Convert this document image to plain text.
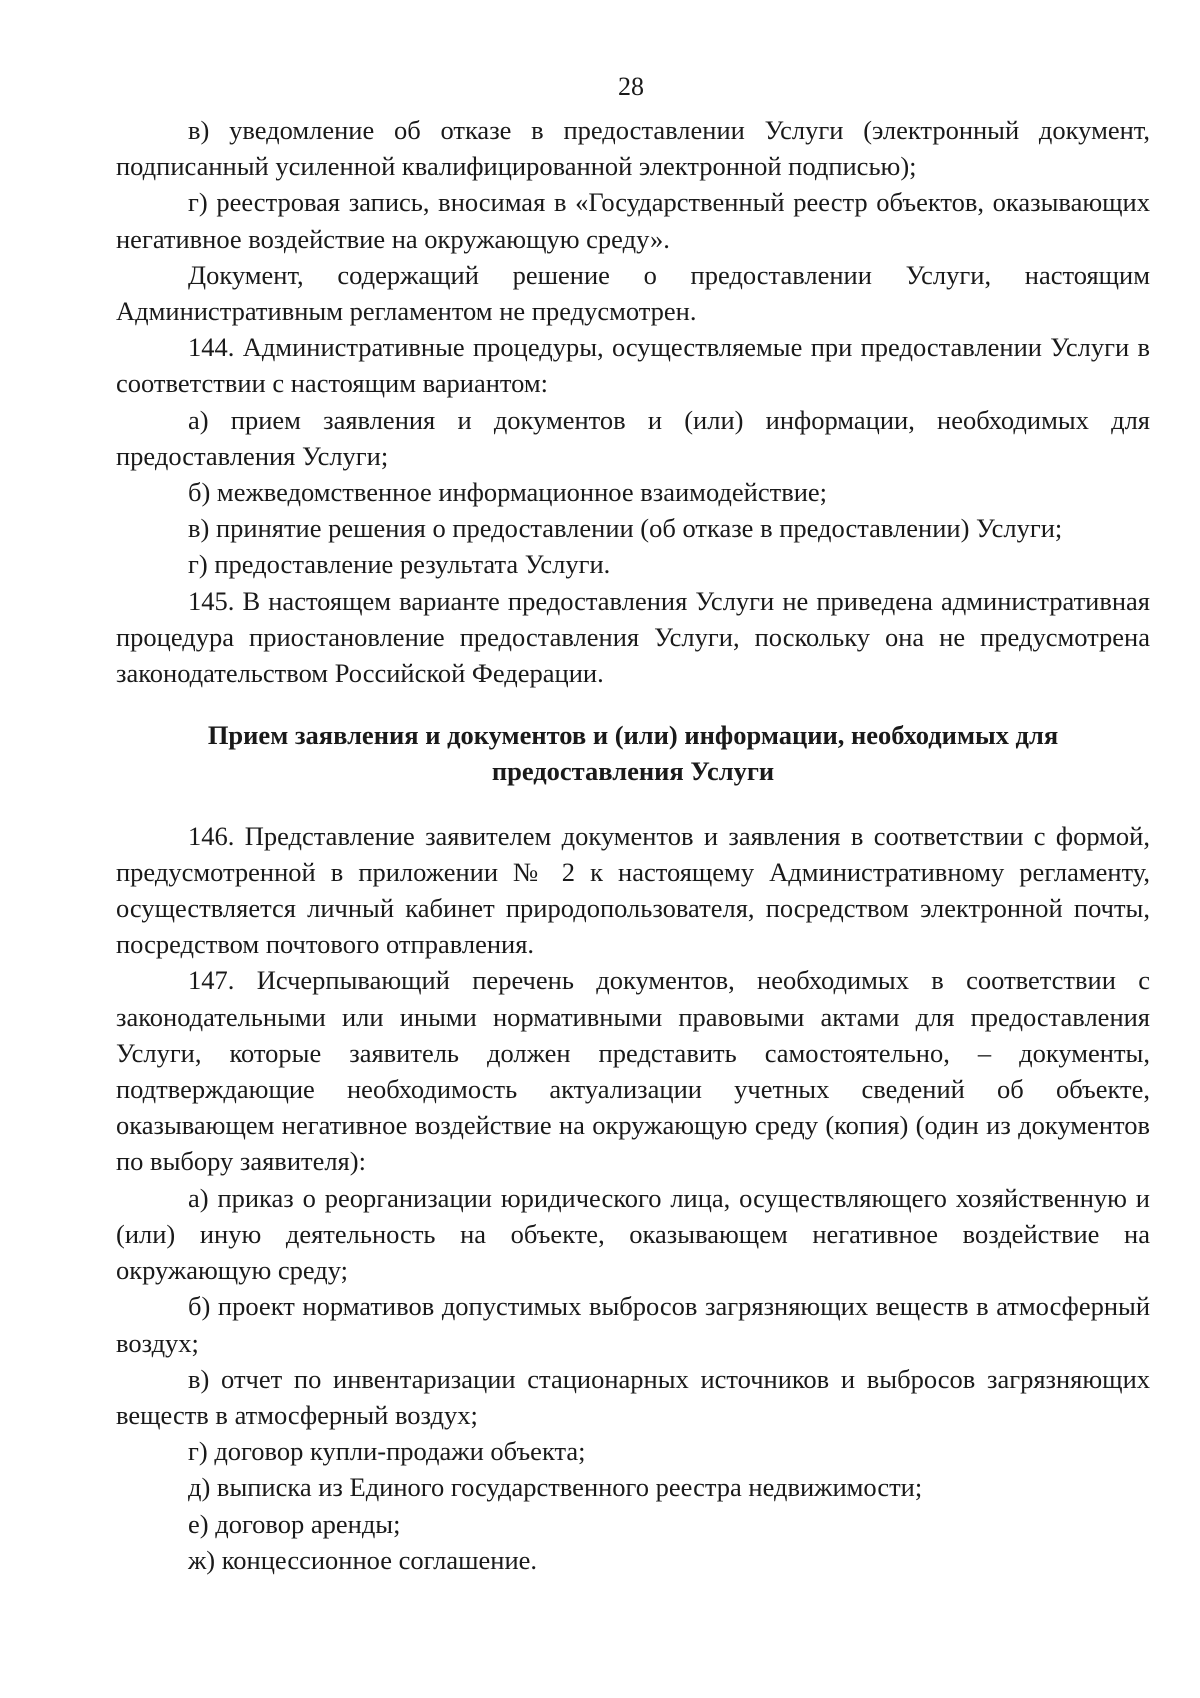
28

в) уведомление об отказе в предоставлении Услуги (электронный документ, подписанный усиленной квалифицированной электронной подписью);

г) реестровая запись, вносимая в «Государственный реестр объектов, оказывающих негативное воздействие на окружающую среду».

Документ, содержащий решение о предоставлении Услуги, настоящим Административным регламентом не предусмотрен.

144. Административные процедуры, осуществляемые при предоставлении Услуги в соответствии с настоящим вариантом:

а) прием заявления и документов и (или) информации, необходимых для предоставления Услуги;

б) межведомственное информационное взаимодействие;

в) принятие решения о предоставлении (об отказе в предоставлении) Услуги;

г) предоставление результата Услуги.

145. В настоящем варианте предоставления Услуги не приведена административная процедура приостановление предоставления Услуги, поскольку она не предусмотрена законодательством Российской Федерации.

Прием заявления и документов и (или) информации, необходимых для
предоставления Услуги

146. Представление заявителем документов и заявления в соответствии с формой, предусмотренной в приложении № 2 к настоящему Административному регламенту, осуществляется личный кабинет природопользователя, посредством электронной почты, посредством почтового отправления.

147. Исчерпывающий перечень документов, необходимых в соответствии с законодательными или иными нормативными правовыми актами для предоставления Услуги, которые заявитель должен представить самостоятельно, – документы, подтверждающие необходимость актуализации учетных сведений об объекте, оказывающем негативное воздействие на окружающую среду (копия) (один из документов по выбору заявителя):

а) приказ о реорганизации юридического лица, осуществляющего хозяйственную и (или) иную деятельность на объекте, оказывающем негативное воздействие на окружающую среду;

б) проект нормативов допустимых выбросов загрязняющих веществ в атмосферный воздух;

в) отчет по инвентаризации стационарных источников и выбросов загрязняющих веществ в атмосферный воздух;

г) договор купли-продажи объекта;

д) выписка из Единого государственного реестра недвижимости;

е) договор аренды;

ж) концессионное соглашение.
